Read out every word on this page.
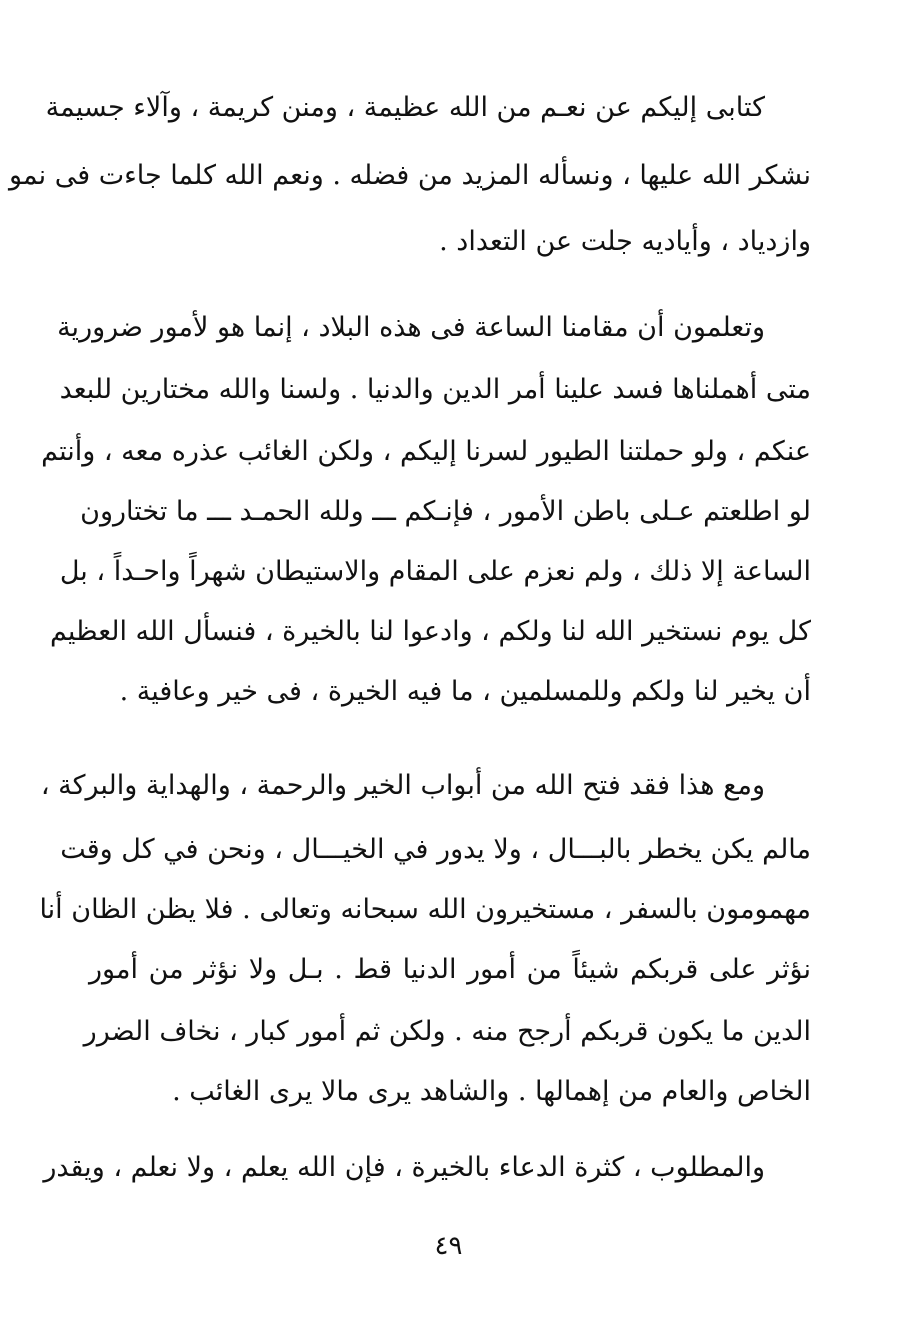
كتابى إليكم عن نعـم من الله عظيمة ، ومنن كريمة ، وآلاء جسيمة
نشكر الله عليها ، ونسأله المزيد من فضله . ونعم الله كلما جاءت فى نمو
وازدياد ، وأياديه جلت عن التعداد .
وتعلمون أن مقامنا الساعة فى هذه البلاد ، إنما هو لأمور ضرورية
متى أهملناها فسد علينا أمر الدين والدنيا . ولسنا والله مختارين للبعد
عنكم ، ولو حملتنا الطيور لسرنا إليكم ، ولكن الغائب عذره معه ، وأنتم
لو اطلعتم عـلى باطن الأمور ، فإنـكم ـــ ولله الحمـد ـــ ما تختارون
الساعة إلا ذلك ، ولم نعزم على المقام والاستيطان شهراً واحـداً ، بل
كل يوم نستخير الله لنا ولكم ، وادعوا لنا بالخيرة ، فنسأل الله العظيم
أن يخير لنا ولكم وللمسلمين ، ما فيه الخيرة ، فى خير وعافية .
ومع هذا فقد فتح الله من أبواب الخير والرحمة ، والهداية والبركة ،
مالم يكن يخطر بالبـــال ، ولا يدور في الخيـــال ، ونحن في كل وقت
مهمومون بالسفر ، مستخيرون الله سبحانه وتعالى . فلا يظن الظان أنا
نؤثر على قربكم شيئاً من أمور الدنيا قط . بـل ولا نؤثر من أمور
الدين ما يكون قربكم أرجح منه . ولكن ثم أمور كبار ، نخاف الضرر
الخاص والعام من إهمالها . والشاهد يرى مالا يرى الغائب .
والمطلوب ، كثرة الدعاء بالخيرة ، فإن الله يعلم ، ولا نعلم ، ويقدر
٤٩
